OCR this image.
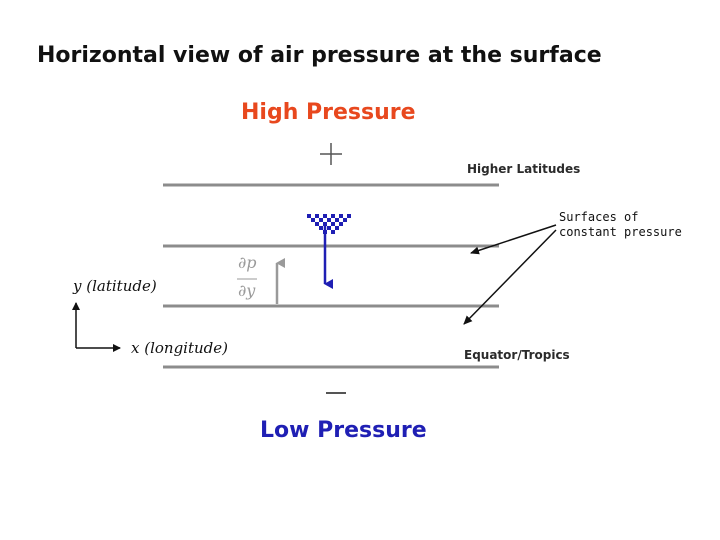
Horizontal view of air pressure at the surface
High Pressure
Higher Latitudes
Surfaces of
constant pressure
∂p
∂y
y (latitude)
x (longitude)	Equator/Tropics
Low Pressure
